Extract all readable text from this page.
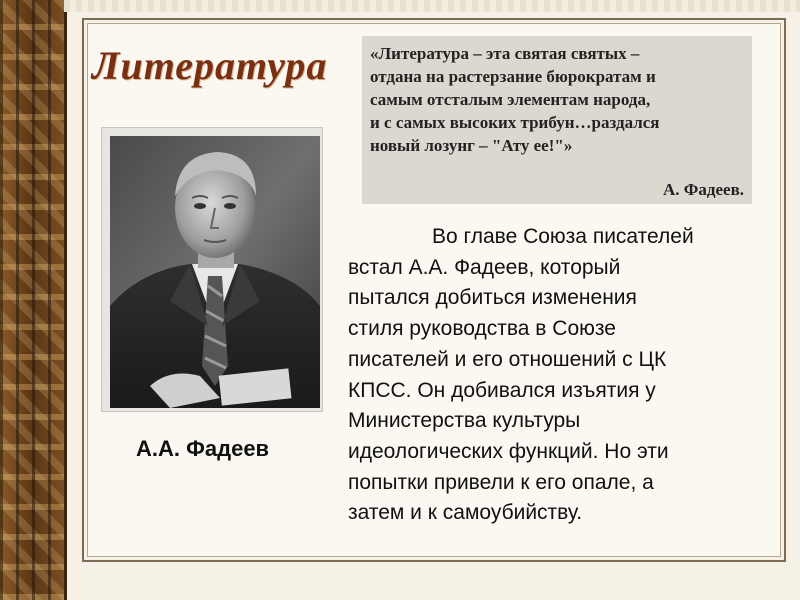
Литература	«Литература – эта святая святых –
отдана на растерзание бюрократам и
самым отсталым элементам народа,
и с самых высоких трибун…раздался
новый лозунг – "Ату ее!"»
А. Фадеев.
А.А. Фадеев
Во главе Союза писателей
встал А.А. Фадеев, который
пытался добиться изменения
стиля руководства в Союзе
писателей и его отношений с ЦК
КПСС. Он добивался изъятия у
Министерства культуры
идеологических функций. Но эти
попытки привели к его опале, а
затем и к самоубийству.
